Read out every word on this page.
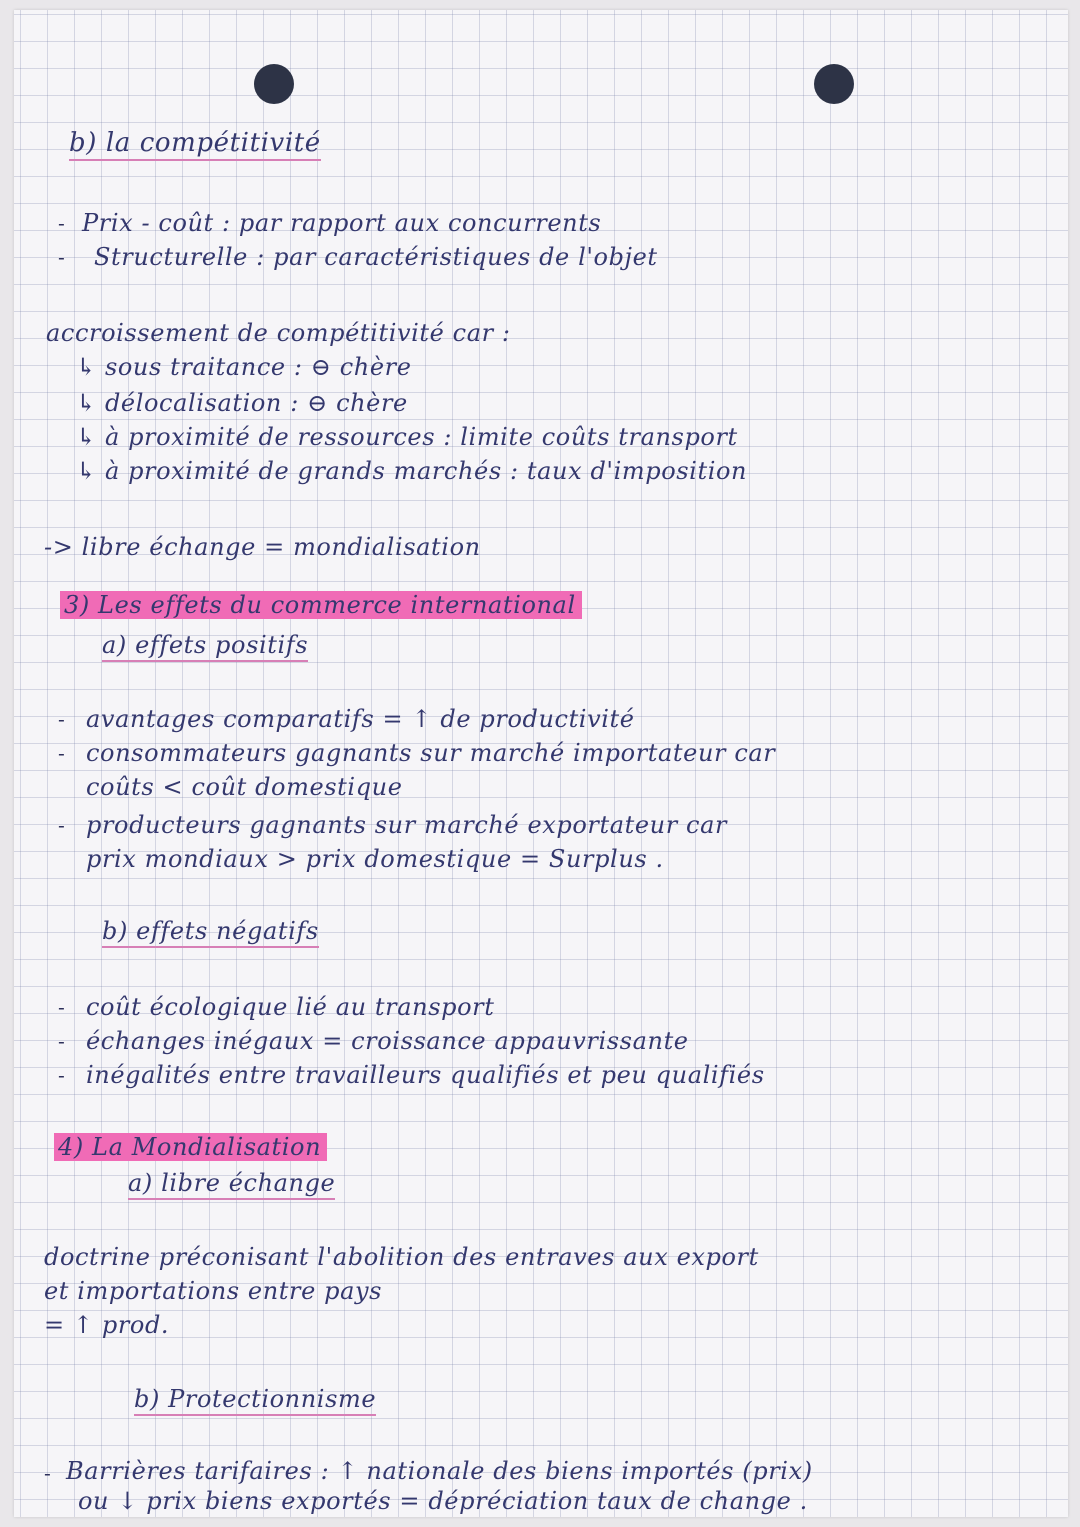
b) la compétitivité
- Prix - coût : par rapport aux concurrents
- Structurelle : par caractéristiques de l'objet
accroissement de compétitivité car :
↳ sous traitance : ⊖ chère
↳ délocalisation : ⊖ chère
↳ à proximité de ressources : limite coûts transport
↳ à proximité de grands marchés : taux d'imposition
-> libre échange = mondialisation
3) Les effets du commerce international
a) effets positifs
- avantages comparatifs = ↑ de productivité
- consommateurs gagnants sur marché importateur car
coûts < coût domestique
- producteurs gagnants sur marché exportateur car
prix mondiaux > prix domestique = Surplus .
b) effets négatifs
- coût écologique lié au transport
- échanges inégaux = croissance appauvrissante
- inégalités entre travailleurs qualifiés et peu qualifiés
4) La Mondialisation
a) libre échange
doctrine préconisant l'abolition des entraves aux export
et importations entre pays
= ↑ prod.
b) Protectionnisme
- Barrières tarifaires : ↑ nationale des biens importés (prix)
ou ↓ prix biens exportés = dépréciation taux de change .
